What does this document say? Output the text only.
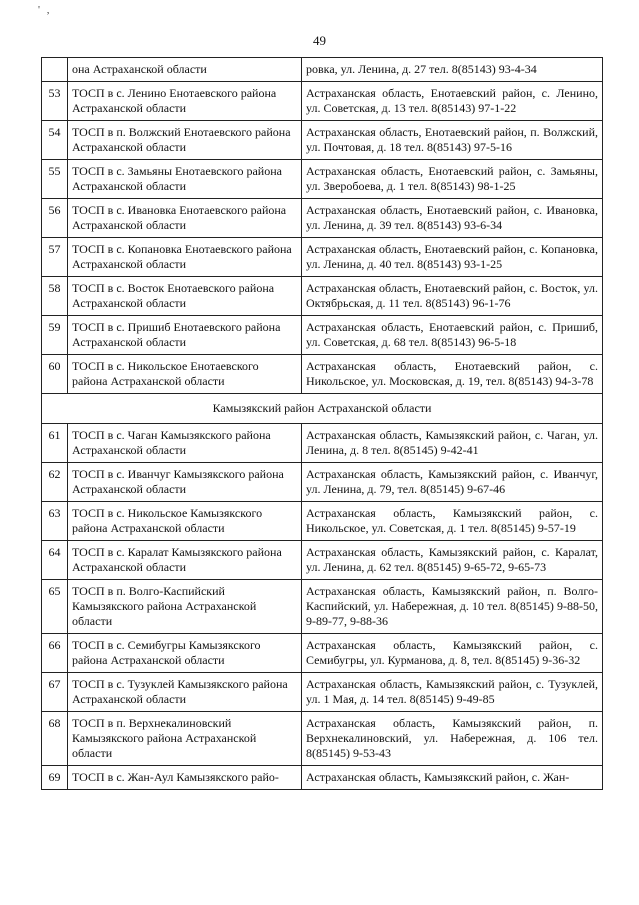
' ,
49
	она Астраханской области	ровка, ул. Ленина, д. 27 тел. 8(85143) 93-4-34
53	ТОСП в с. Ленино Енотаевского района Астраханской области	Астраханская область, Енотаевский район, с. Ленино, ул. Советская, д. 13 тел. 8(85143) 97-1-22
54	ТОСП в п. Волжский Енотаевского района Астраханской области	Астраханская область, Енотаевский район, п. Волжский, ул. Почтовая, д. 18 тел. 8(85143) 97-5-16
55	ТОСП в с. Замьяны Енотаевского района Астраханской области	Астраханская область, Енотаевский район, с. Замьяны, ул. Зверобоева, д. 1 тел. 8(85143) 98-1-25
56	ТОСП в с. Ивановка Енотаевского района Астраханской области	Астраханская область, Енотаевский район, с. Ивановка, ул. Ленина, д. 39 тел. 8(85143) 93-6-34
57	ТОСП в с. Копановка Енотаевского района Астраханской области	Астраханская область, Енотаевский район, с. Копановка, ул. Ленина, д. 40 тел. 8(85143) 93-1-25
58	ТОСП в с. Восток Енотаевского района Астраханской области	Астраханская область, Енотаевский район, с. Восток, ул. Октябрьская, д. 11 тел. 8(85143) 96-1-76
59	ТОСП в с. Пришиб Енотаевского района Астраханской области	Астраханская область, Енотаевский район, с. Пришиб, ул. Советская, д. 68 тел. 8(85143) 96-5-18
60	ТОСП в с. Никольское Енотаевского района Астраханской области	Астраханская область, Енотаевский район, с. Никольское, ул. Московская, д. 19, тел. 8(85143) 94-3-78
Камызякский район Астраханской области		
61	ТОСП в с. Чаган Камызякского района Астраханской области	Астраханская область, Камызякский район, с. Чаган, ул. Ленина, д. 8 тел. 8(85145) 9-42-41
62	ТОСП в с. Иванчуг Камызякского района Астраханской области	Астраханская область, Камызякский район, с. Иванчуг, ул. Ленина, д. 79, тел. 8(85145) 9-67-46
63	ТОСП в с. Никольское Камызякского района Астраханской области	Астраханская область, Камызякский район, с. Никольское, ул. Советская, д. 1 тел. 8(85145) 9-57-19
64	ТОСП в с. Каралат Камызякского района Астраханской области	Астраханская область, Камызякский район, с. Каралат, ул. Ленина, д. 62 тел. 8(85145) 9-65-72, 9-65-73
65	ТОСП в п. Волго-Каспийский Камызякского района Астраханской области	Астраханская область, Камызякский район, п. Волго-Каспийский, ул. Набережная, д. 10 тел. 8(85145) 9-88-50, 9-89-77, 9-88-36
66	ТОСП в с. Семибугры Камызякского района Астраханской области	Астраханская область, Камызякский район, с. Семибугры, ул. Курманова, д. 8, тел. 8(85145) 9-36-32
67	ТОСП в с. Тузуклей Камызякского района Астраханской области	Астраханская область, Камызякский район, с. Тузуклей, ул. 1 Мая, д. 14 тел. 8(85145) 9-49-85
68	ТОСП в п. Верхнекалиновский Камызякского района Астраханской области	Астраханская область, Камызякский район, п. Верхнекалиновский, ул. Набережная, д. 106 тел. 8(85145) 9-53-43
69	ТОСП в с. Жан-Аул Камызякского райо-	Астраханская область, Камызякский район, с. Жан-
